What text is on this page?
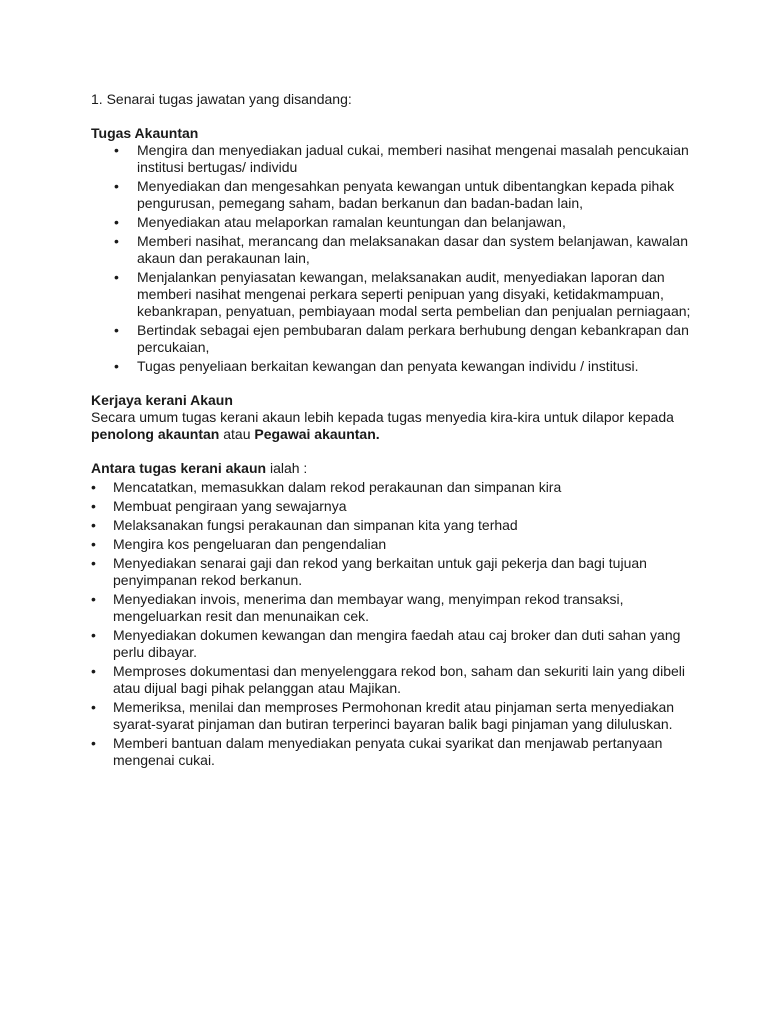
1. Senarai tugas jawatan yang disandang:

Tugas Akauntan

• Mengira dan menyediakan jadual cukai, memberi nasihat mengenai masalah pencukaian institusi bertugas/ individu
• Menyediakan dan mengesahkan penyata kewangan untuk dibentangkan kepada pihak pengurusan, pemegang saham, badan berkanun dan badan-badan lain,
• Menyediakan atau melaporkan ramalan keuntungan dan belanjawan,
• Memberi nasihat, merancang dan melaksanakan dasar dan system belanjawan, kawalan akaun dan perakaunan lain,
• Menjalankan penyiasatan kewangan, melaksanakan audit, menyediakan laporan dan memberi nasihat mengenai perkara seperti penipuan yang disyaki, ketidakmampuan, kebankrapan, penyatuan, pembiayaan modal serta pembelian dan penjualan perniagaan;
• Bertindak sebagai ejen pembubaran dalam perkara berhubung dengan kebankrapan dan percukaian,
• Tugas penyeliaan berkaitan kewangan dan penyata kewangan individu / institusi.

Kerjaya kerani Akaun

Secara umum tugas kerani akaun lebih kepada tugas menyedia kira-kira untuk dilapor kepada penolong akauntan atau Pegawai akauntan.

Antara tugas kerani akaun ialah :

• Mencatatkan, memasukkan dalam rekod perakaunan dan simpanan kira
• Membuat pengiraan yang sewajarnya
• Melaksanakan fungsi perakaunan dan simpanan kita yang terhad
• Mengira kos pengeluaran dan pengendalian
• Menyediakan senarai gaji dan rekod yang berkaitan untuk gaji pekerja dan bagi tujuan penyimpanan rekod berkanun.
• Menyediakan invois, menerima dan membayar wang, menyimpan rekod transaksi, mengeluarkan resit dan menunaikan cek.
• Menyediakan dokumen kewangan dan mengira faedah atau caj broker dan duti sahan yang perlu dibayar.
• Memproses dokumentasi dan menyelenggara rekod bon, saham dan sekuriti lain yang dibeli atau dijual bagi pihak pelanggan atau Majikan.
• Memeriksa, menilai dan memproses Permohonan kredit atau pinjaman serta menyediakan syarat-syarat pinjaman dan butiran terperinci bayaran balik bagi pinjaman yang diluluskan.
• Memberi bantuan dalam menyediakan penyata cukai syarikat dan menjawab pertanyaan mengenai cukai.
